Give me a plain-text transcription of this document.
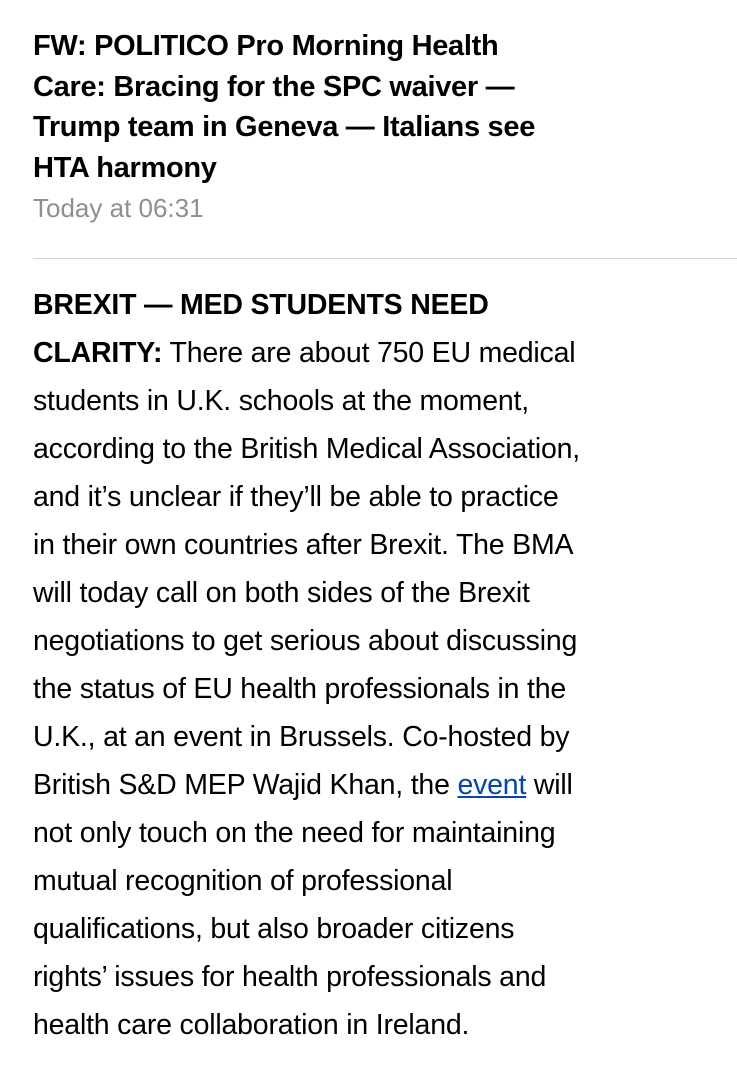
FW: POLITICO Pro Morning Health
Care: Bracing for the SPC waiver —
Trump team in Geneva — Italians see
HTA harmony
Today at 06:31
BREXIT — MED STUDENTS NEED
CLARITY: There are about 750 EU medical
students in U.K. schools at the moment,
according to the British Medical Association,
and it’s unclear if they’ll be able to practice
in their own countries after Brexit. The BMA
will today call on both sides of the Brexit
negotiations to get serious about discussing
the status of EU health professionals in the
U.K., at an event in Brussels. Co-hosted by
British S&D MEP Wajid Khan, the event will
not only touch on the need for maintaining
mutual recognition of professional
qualifications, but also broader citizens
rights’ issues for health professionals and
health care collaboration in Ireland.
